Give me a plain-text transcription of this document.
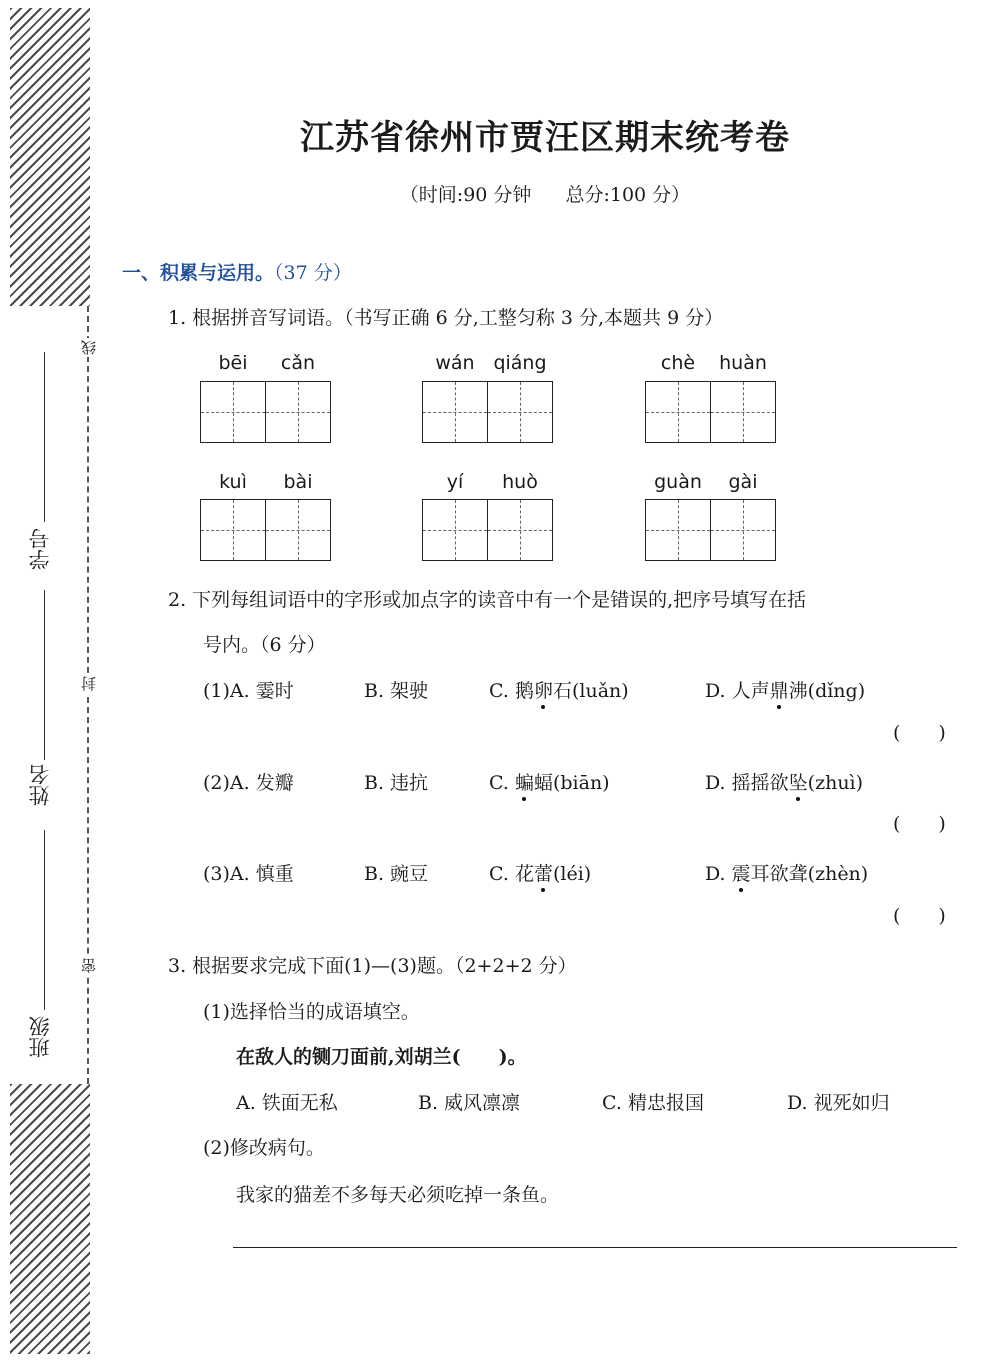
线
封
密
学号
姓名
班级
江苏省徐州市贾汪区期末统考卷
（时间:90 分钟 总分:100 分）
一、积累与运用。（37 分）
1. 根据拼音写词语。（书写正确 6 分,工整匀称 3 分,本题共 9 分）
bēi	cǎn	wán qiáng	chè	huàn
kuì	bài	yí	huò	guàn	gài
2. 下列每组词语中的字形或加点字的读音中有一个是错误的,把序号填写在括
号内。（6 分）
(1)A. 霎时	B. 架驶	C. 鹅卵石(luǎn)	D. 人声鼎沸(dǐng)
( )
(2)A. 发瓣	B. 违抗	C. 蝙蝠(biān)	D. 摇摇欲坠(zhuì)
( )
(3)A. 慎重	B. 豌豆	C. 花蕾(léi)	D. 震耳欲聋(zhèn)
( )
3. 根据要求完成下面(1)—(3)题。（2+2+2 分）
(1)选择恰当的成语填空。
在敌人的铡刀面前,刘胡兰(　　)。
A. 铁面无私	B. 威风凛凛	C. 精忠报国	D. 视死如归
(2)修改病句。
我家的猫差不多每天必须吃掉一条鱼。
